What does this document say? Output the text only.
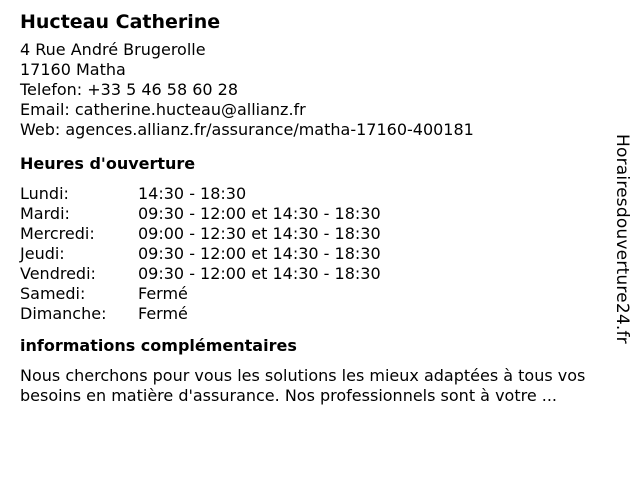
Hucteau Catherine
4 Rue André Brugerolle
17160 Matha
Telefon: +33 5 46 58 60 28
Email: catherine.hucteau@allianz.fr
Web: agences.allianz.fr/assurance/matha-17160-400181
Heures d'ouverture
Lundi:	14:30 - 18:30
Mardi:	09:30 - 12:00 et 14:30 - 18:30
Mercredi:	09:00 - 12:30 et 14:30 - 18:30
Jeudi:	09:30 - 12:00 et 14:30 - 18:30
Vendredi:	09:30 - 12:00 et 14:30 - 18:30
Samedi:	Fermé
Dimanche:	Fermé
informations complémentaires
Nous cherchons pour vous les solutions les mieux adaptées à tous vos besoins en matière d'assurance. Nos professionnels sont à votre ...
Horairesdouverture24.fr
